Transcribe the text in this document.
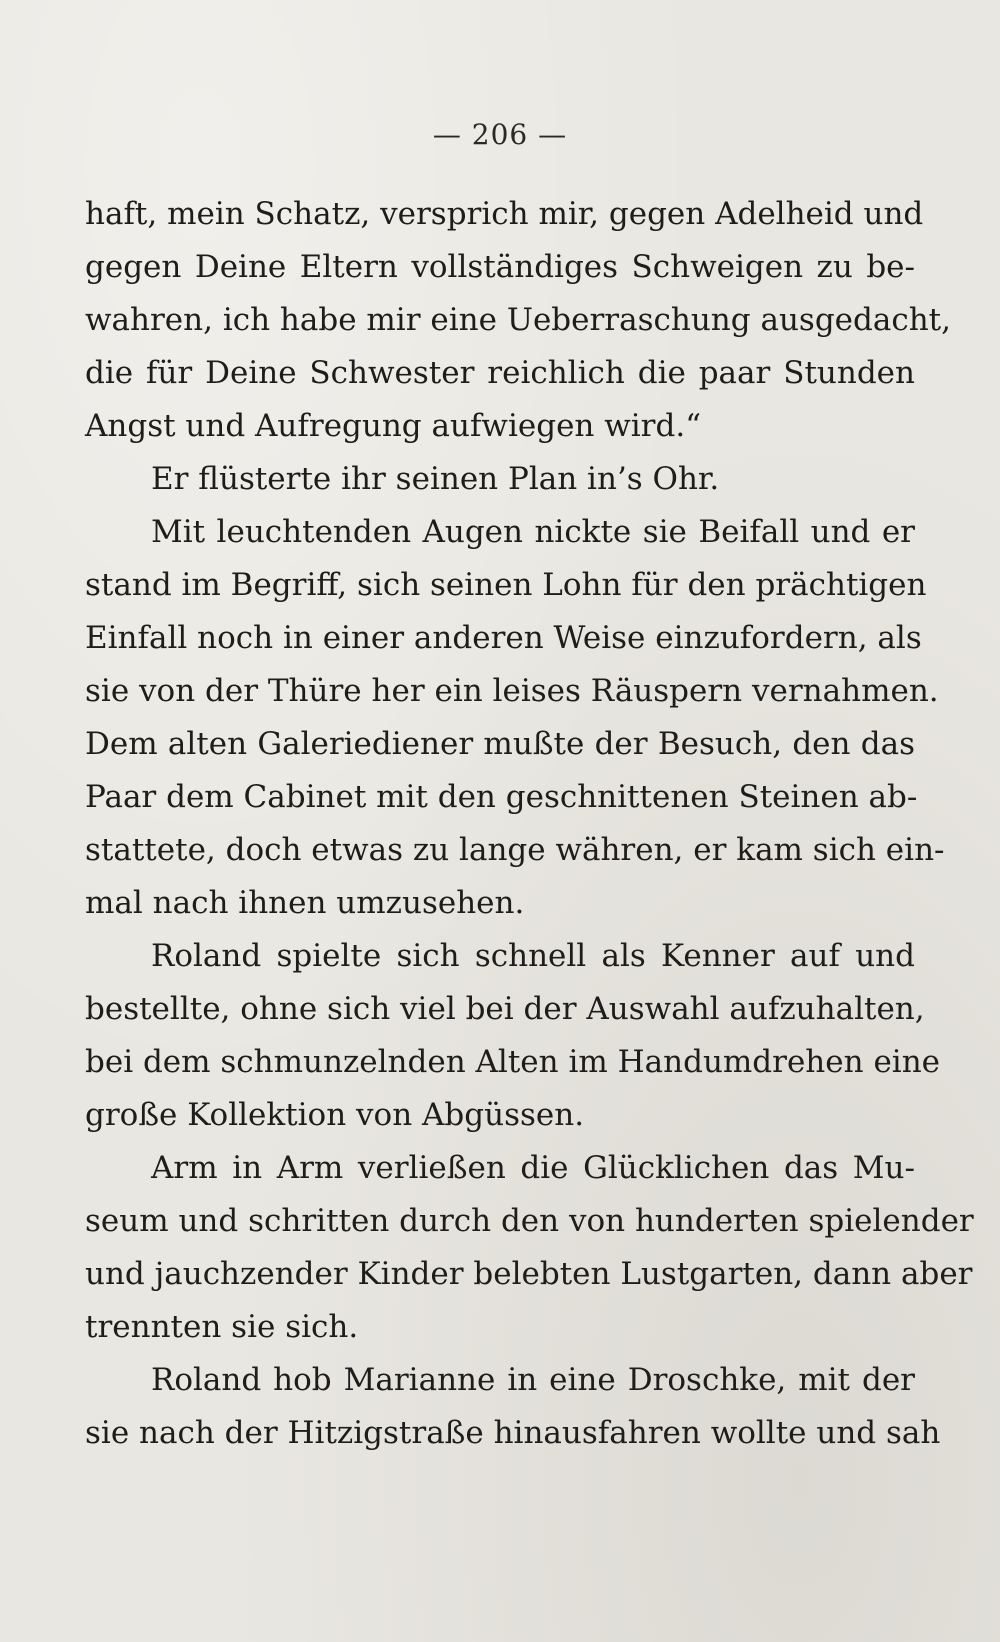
— 206 —
haft, mein Schatz, versprich mir, gegen Adelheid und
gegen Deine Eltern vollständiges Schweigen zu be-
wahren, ich habe mir eine Ueberraschung ausgedacht,
die für Deine Schwester reichlich die paar Stunden
Angst und Aufregung aufwiegen wird.“
Er flüsterte ihr seinen Plan in’s Ohr.
Mit leuchtenden Augen nickte sie Beifall und er
stand im Begriff, sich seinen Lohn für den prächtigen
Einfall noch in einer anderen Weise einzufordern, als
sie von der Thüre her ein leises Räuspern vernahmen.
Dem alten Galeriediener mußte der Besuch, den das
Paar dem Cabinet mit den geschnittenen Steinen ab-
stattete, doch etwas zu lange währen, er kam sich ein-
mal nach ihnen umzusehen.
Roland spielte sich schnell als Kenner auf und
bestellte, ohne sich viel bei der Auswahl aufzuhalten,
bei dem schmunzelnden Alten im Handumdrehen eine
große Kollektion von Abgüssen.
Arm in Arm verließen die Glücklichen das Mu-
seum und schritten durch den von hunderten spielender
und jauchzender Kinder belebten Lustgarten, dann aber
trennten sie sich.
Roland hob Marianne in eine Droschke, mit der
sie nach der Hitzigstraße hinausfahren wollte und sah
